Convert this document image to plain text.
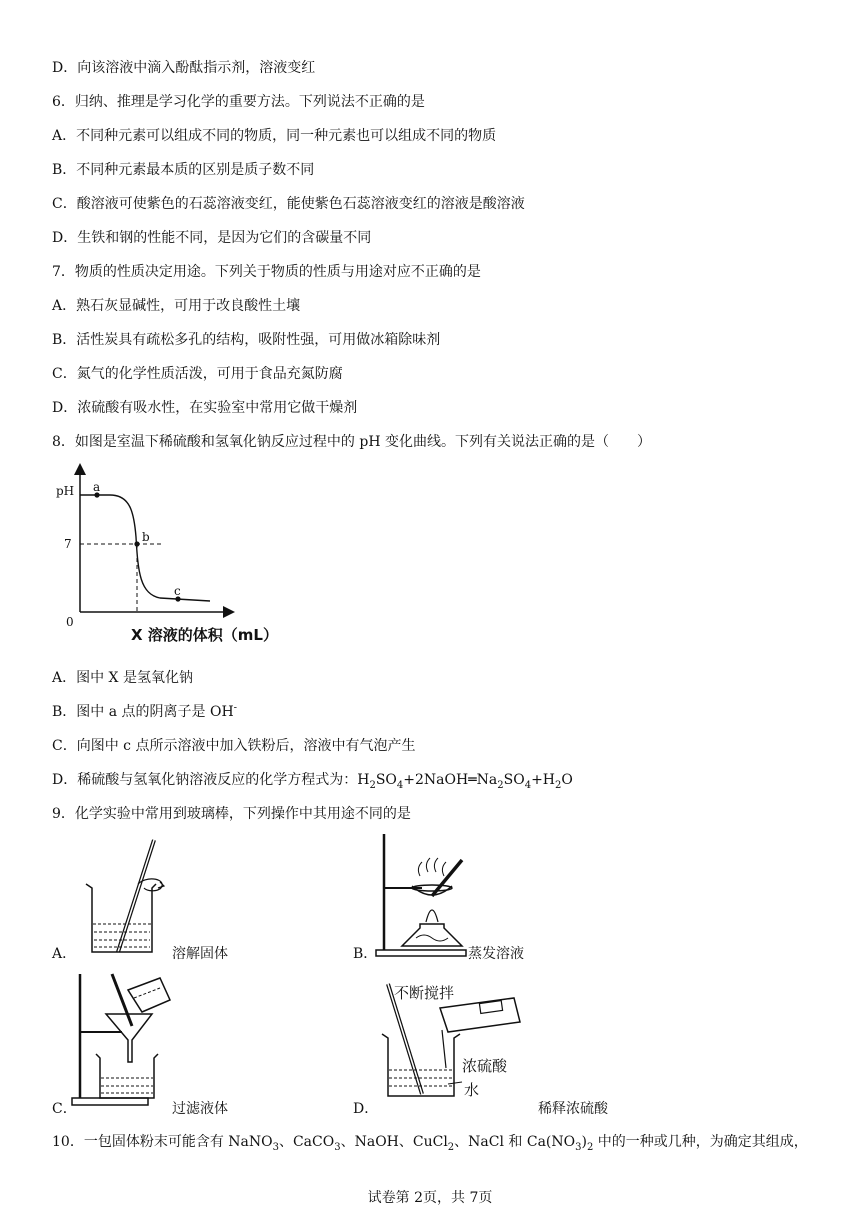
D．向该溶液中滴入酚酞指示剂，溶液变红
6．归纳、推理是学习化学的重要方法。下列说法不正确的是
A．不同种元素可以组成不同的物质，同一种元素也可以组成不同的物质
B．不同种元素最本质的区别是质子数不同
C．酸溶液可使紫色的石蕊溶液变红，能使紫色石蕊溶液变红的溶液是酸溶液
D．生铁和钢的性能不同，是因为它们的含碳量不同
7．物质的性质决定用途。下列关于物质的性质与用途对应不正确的是
A．熟石灰显碱性，可用于改良酸性土壤
B．活性炭具有疏松多孔的结构，吸附性强，可用做冰箱除味剂
C．氮气的化学性质活泼，可用于食品充氮防腐
D．浓硫酸有吸水性，在实验室中常用它做干燥剂
8．如图是室温下稀硫酸和氢氧化钠反应过程中的 pH 变化曲线。下列有关说法正确的是（　　）
pH
7
0
a
b
c
X 溶液的体积（mL）
A．图中 X 是氢氧化钠
B．图中 a 点的阴离子是 OH-
C．向图中 c 点所示溶液中加入铁粉后，溶液中有气泡产生
D．稀硫酸与氢氧化钠溶液反应的化学方程式为：$H_2SO_4+2NaOH═Na_2SO_4+H_2O$
9．化学实验中常用到玻璃棒，下列操作中其用途不同的是
A．	溶解固体	B．	蒸发溶液
C．	过滤液体
不断搅拌
浓硫酸
水
D．	稀释浓硫酸
10．一包固体粉末可能含有 NaNO$_3$、CaCO$_3$、NaOH、CuCl$_2$、NaCl 和 $Ca(NO_3)_2$ 中的一种或几种，为确定其组成，
试卷第 2页，共 7页
